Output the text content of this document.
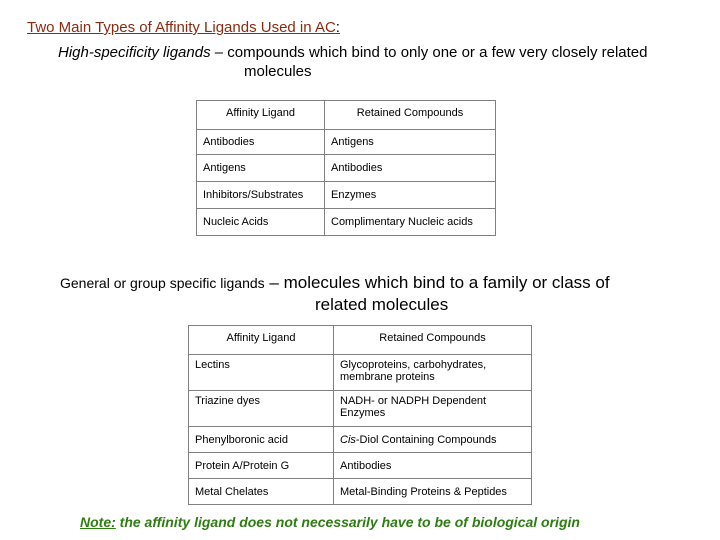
Two Main Types of Affinity Ligands Used in AC:
High-specificity ligands – compounds which bind to only one or a few very closely related
molecules
Affinity Ligand	Retained Compounds
Antibodies	Antigens
Antigens	Antibodies
Inhibitors/Substrates	Enzymes
Nucleic Acids	Complimentary Nucleic acids
General or group specific ligands – molecules which bind to a family or class of
related molecules
Affinity Ligand	Retained Compounds
Lectins	Glycoproteins, carbohydrates,
membrane proteins
Triazine dyes	NADH- or NADPH Dependent
Enzymes
Phenylboronic acid	Cis-Diol Containing Compounds
Protein A/Protein G	Antibodies
Metal Chelates	Metal-Binding Proteins & Peptides
Note: the affinity ligand does not necessarily have to be of biological origin
